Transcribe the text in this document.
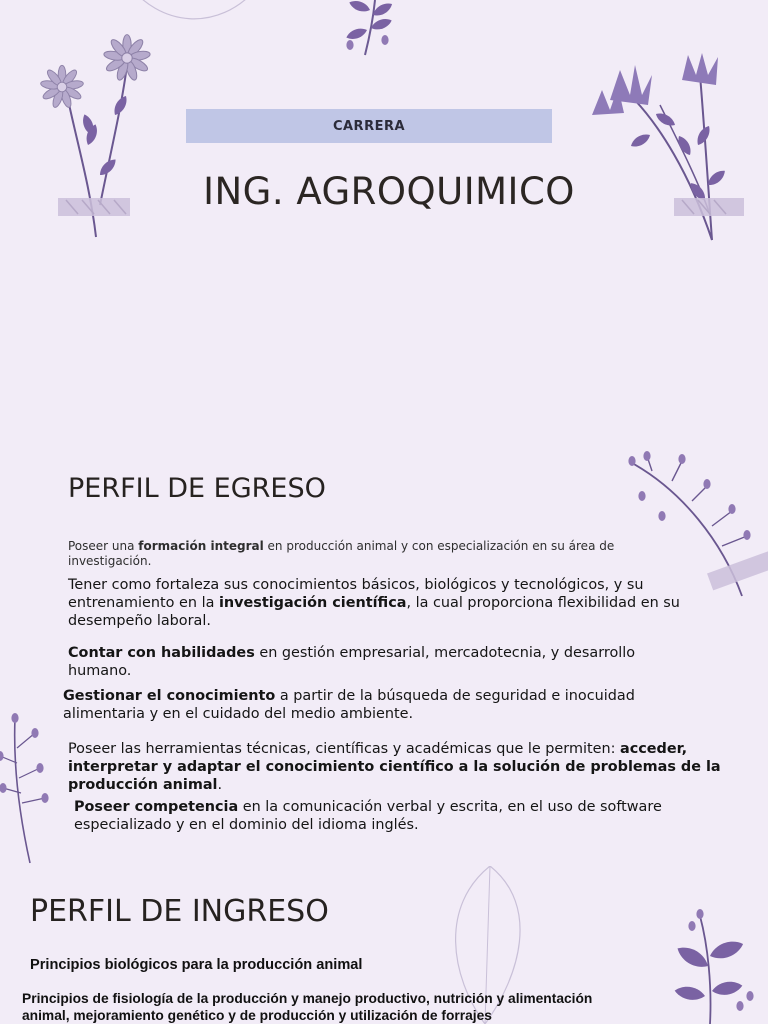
CARRERA
ING. AGROQUIMICO
PERFIL DE EGRESO
Poseer una formación integral en producción animal y con especialización en su área de investigación.
Tener como fortaleza sus conocimientos básicos, biológicos y tecnológicos, y su entrenamiento en la investigación científica, la cual proporciona flexibilidad en su desempeño laboral.
Contar con habilidades en gestión empresarial, mercadotecnia, y desarrollo humano.
Gestionar el conocimiento a partir de la búsqueda de seguridad e inocuidad alimentaria y en el cuidado del medio ambiente.
Poseer las herramientas técnicas, científicas y académicas que le permiten: acceder, interpretar y adaptar el conocimiento científico a la solución de problemas de la producción animal.
Poseer competencia en la comunicación verbal y escrita, en el uso de software especializado y en el dominio del idioma inglés.
PERFIL DE INGRESO
Principios biológicos para la producción animal
Principios de fisiología de la producción y manejo productivo, nutrición y alimentación
animal, mejoramiento genético y de producción y utilización de forrajes
